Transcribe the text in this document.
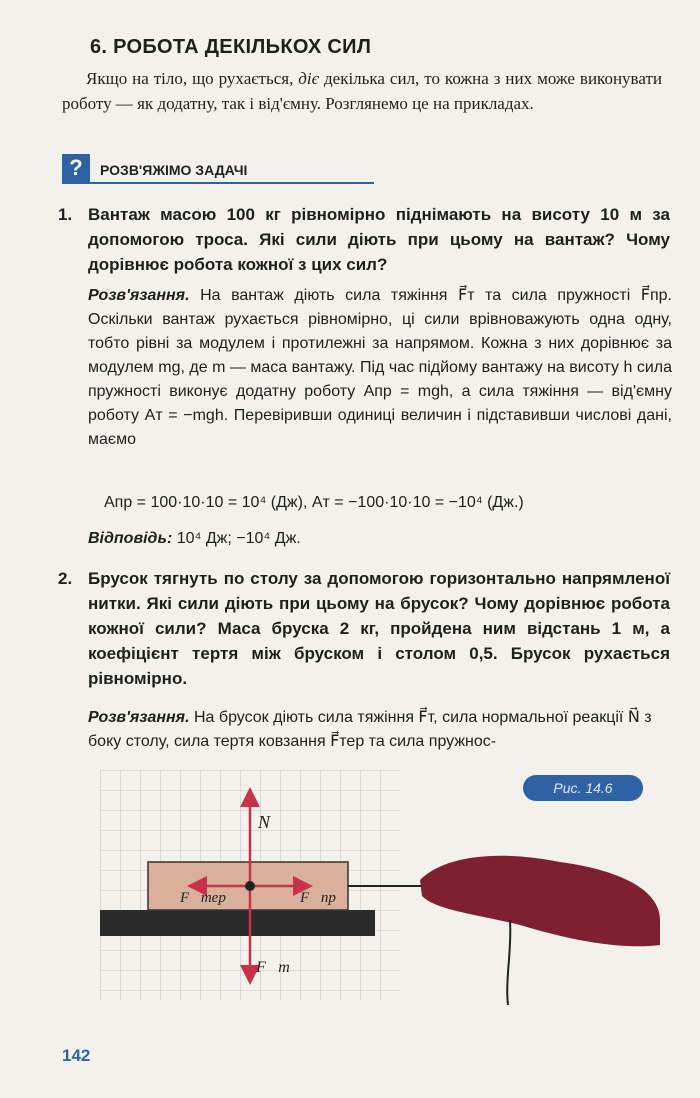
6. РОБОТА ДЕКІЛЬКОХ СИЛ
Якщо на тіло, що рухається, діє декілька сил, то кожна з них може виконувати роботу — як додатну, так і від'ємну. Розглянемо це на прикладах.
?	РОЗВ'ЯЖІМО ЗАДАЧІ
1. Вантаж масою 100 кг рівномірно піднімають на висоту 10 м за допомогою троса. Які сили діють при цьому на вантаж? Чому дорівнює робота кожної з цих сил?
Розв'язання. На вантаж діють сила тяжіння F⃗т та сила пружності F⃗пр. Оскільки вантаж рухається рівномірно, ці сили врівноважують одна одну, тобто рівні за модулем і протилежні за напрямом. Кожна з них дорівнює за модулем mg, де m — маса вантажу. Під час підйому вантажу на висоту h сила пружності виконує додатну роботу Aпр = mgh, а сила тяжіння — від'ємну роботу Aт = −mgh. Перевіривши одиниці величин і підставивши числові дані, маємо
Aпр = 100·10·10 = 10⁴ (Дж), Aт = −100·10·10 = −10⁴ (Дж.)
Відповідь: 10⁴ Дж; −10⁴ Дж.
2. Брусок тягнуть по столу за допомогою горизонтально напрямленої нитки. Які сили діють при цьому на брусок? Чому дорівнює робота кожної сили? Маса бруска 2 кг, пройдена ним відстань 1 м, а коефіцієнт тертя між бруском і столом 0,5. Брусок рухається рівномірно.
Розв'язання. На брусок діють сила тяжіння F⃗т, сила нормальної реакції N⃗ з боку столу, сила тертя ковзання F⃗тер та сила пружнос-
N⃗
F⃗тер	F⃗пр
F⃗т
Рис. 14.6
142
